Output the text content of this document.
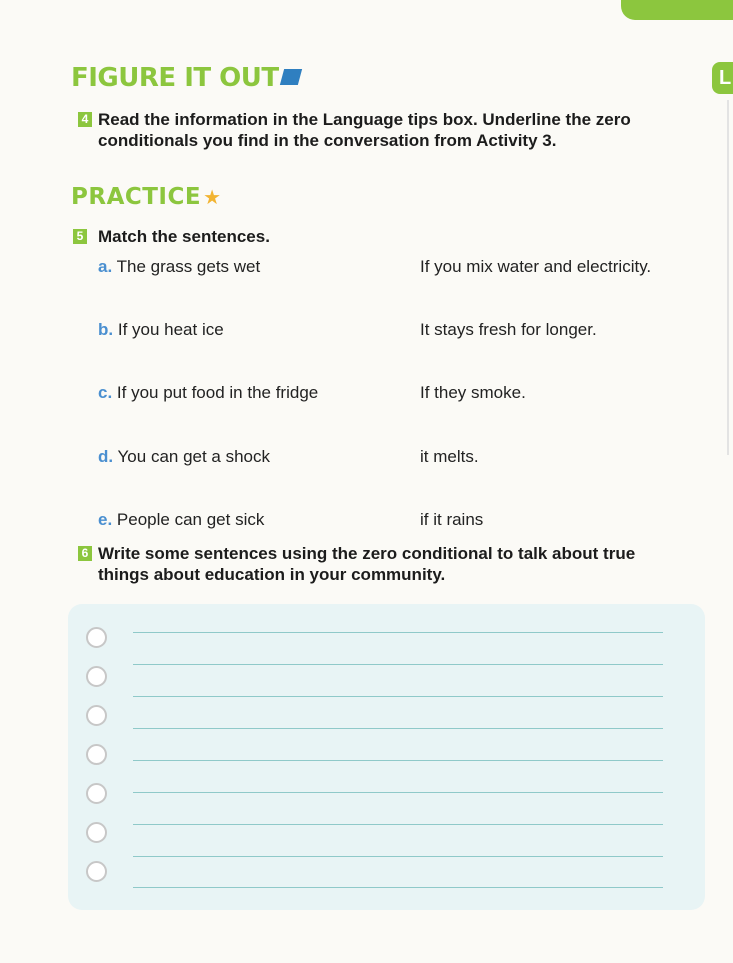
L
FIGURE IT OUT
4 Read the information in the Language tips box. Underline the zero
conditionals you find in the conversation from Activity 3.
PRACTICE ★
5 Match the sentences.
a. The grass gets wet	If you mix water and electricity.
b. If you heat ice	It stays fresh for longer.
c. If you put food in the fridge	If they smoke.
d. You can get a shock	it melts.
e. People can get sick	if it rains
6 Write some sentences using the zero conditional to talk about true
things about education in your community.
